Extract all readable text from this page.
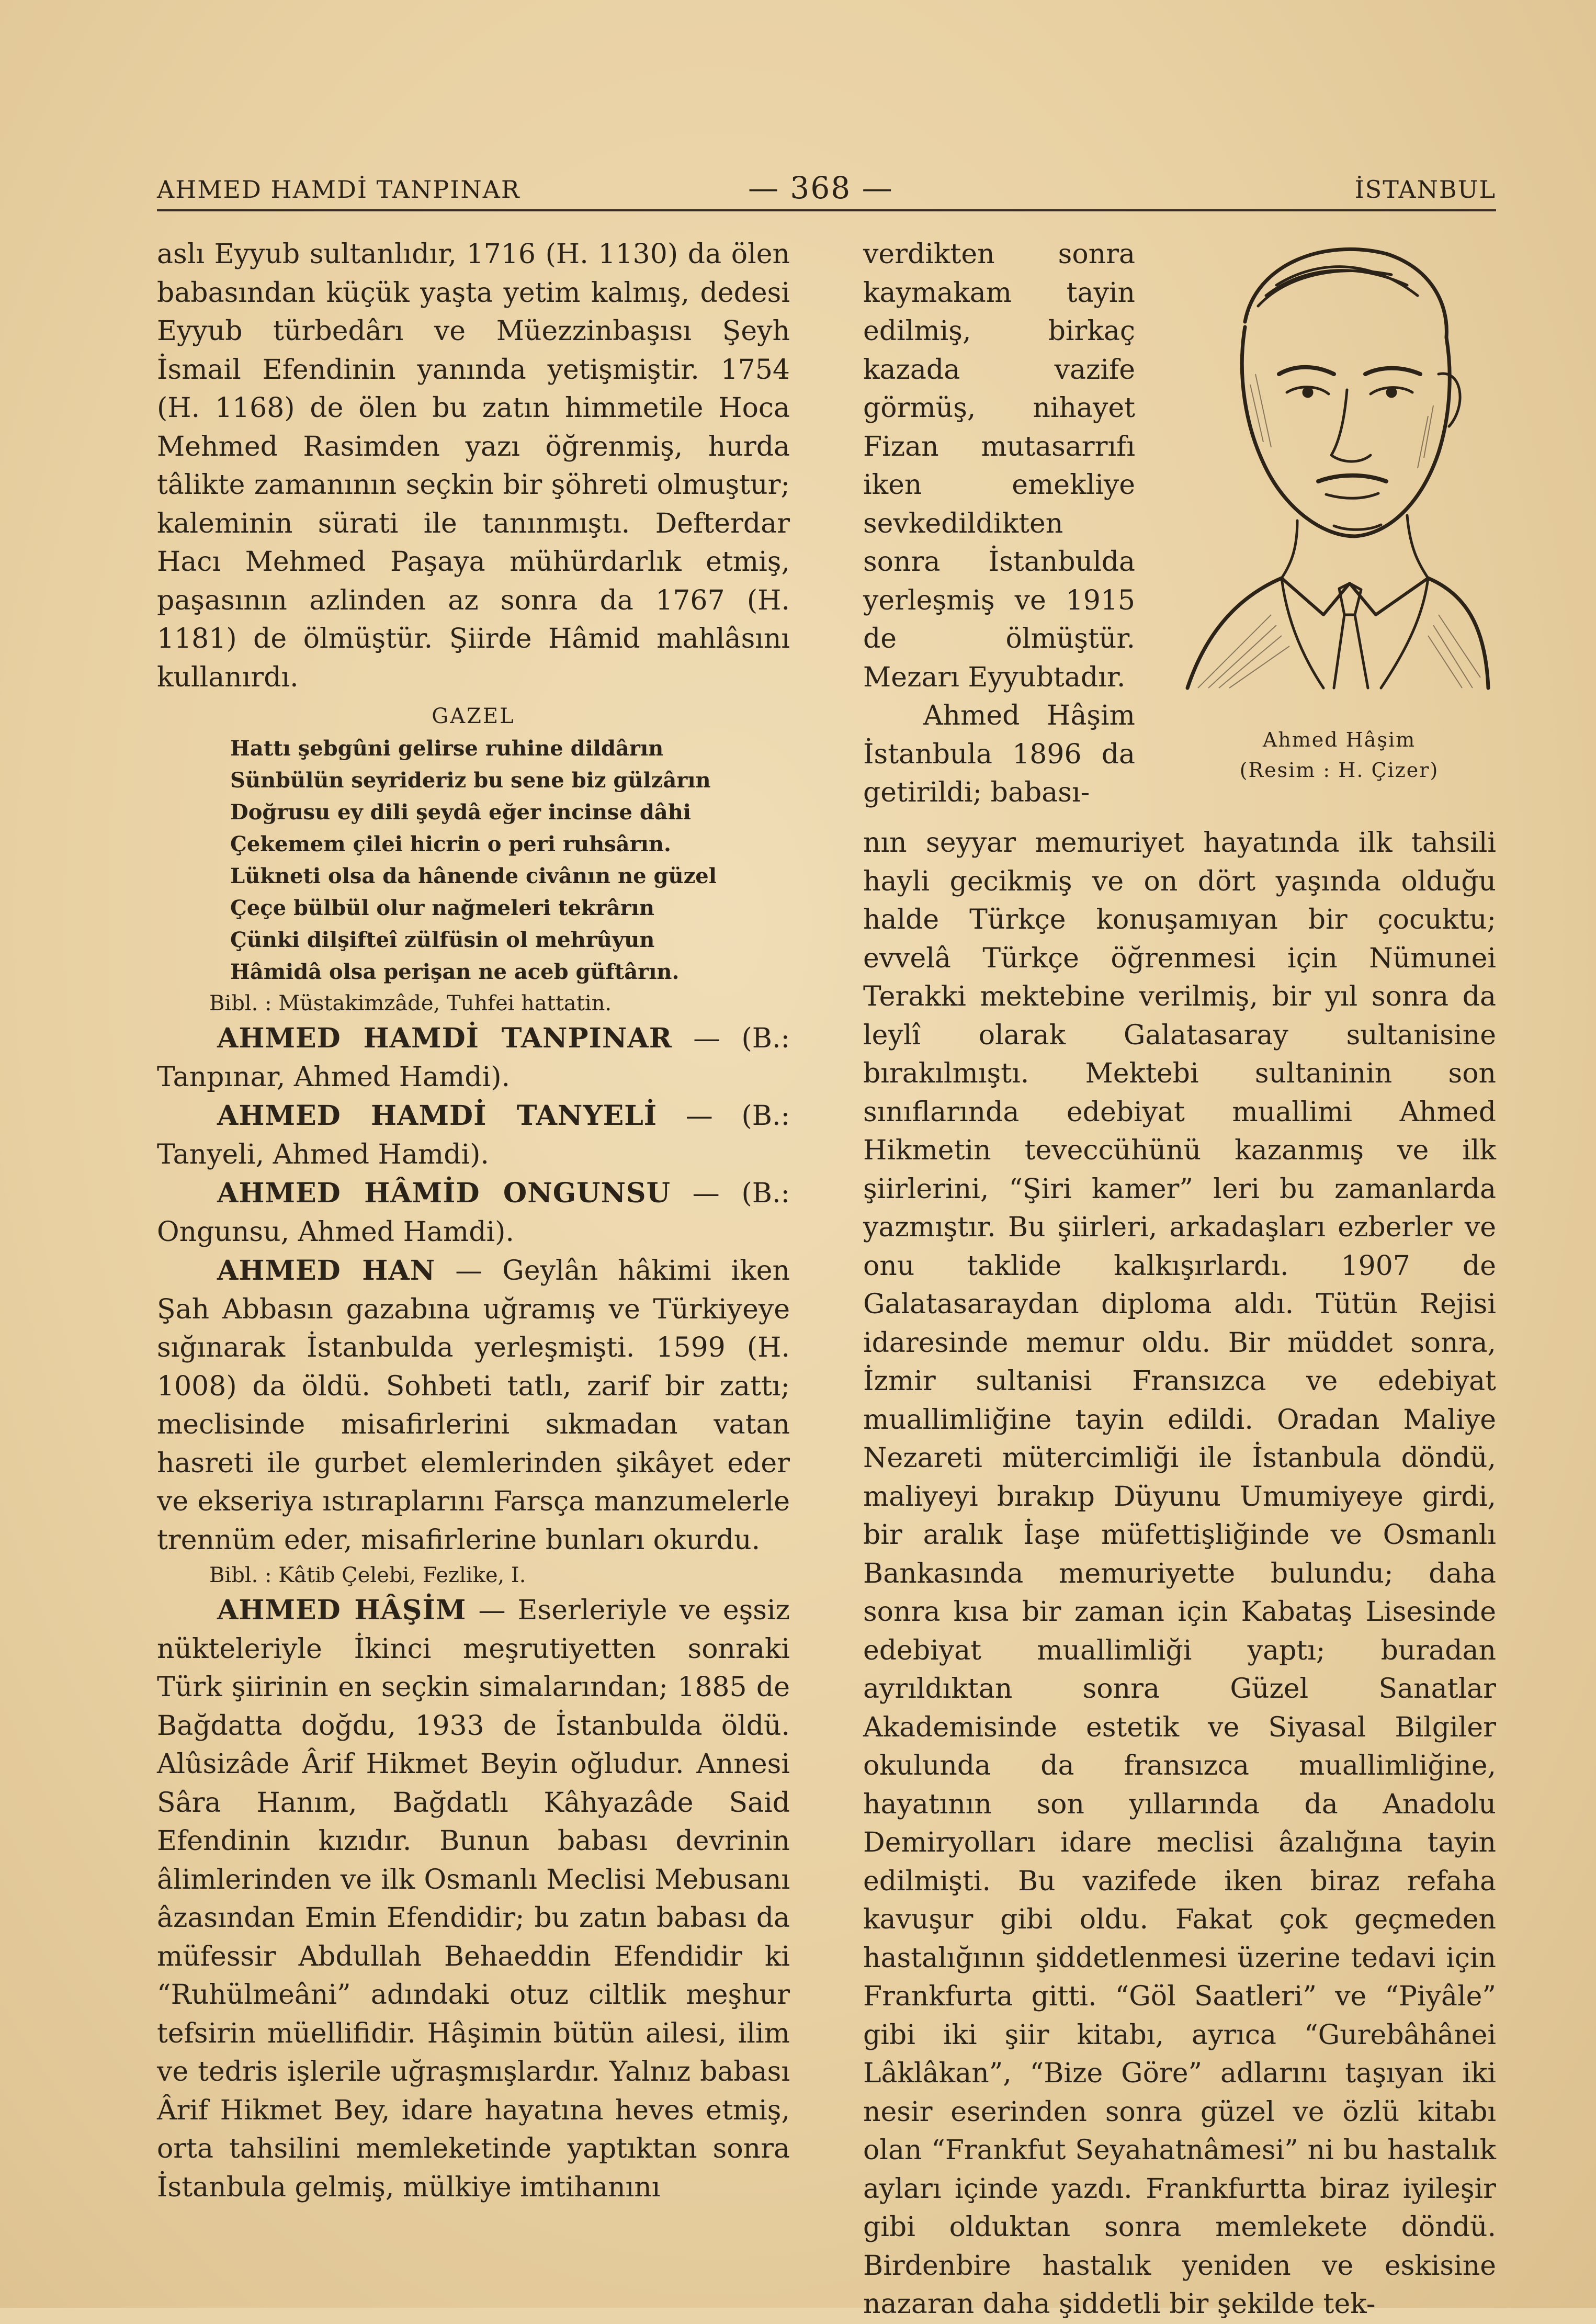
AHMED HAMDİ TANPINAR	— 368 —	İSTANBUL

aslı Eyyub sultanlıdır, 1716 (H. 1130) da ölen babasından küçük yaşta yetim kalmış, dedesi Eyyub türbedârı ve Müezzinbaşısı Şeyh İsmail Efendinin yanında yetişmiştir. 1754 (H. 1168) de ölen bu zatın himmetile Hoca Mehmed Rasimden yazı öğrenmiş, hurda tâlikte zamanının seçkin bir şöhreti olmuştur; kaleminin sürati ile tanınmıştı. Defterdar Hacı Mehmed Paşaya mühürdarlık etmiş, paşasının azlinden az sonra da 1767 (H. 1181) de ölmüştür. Şiirde Hâmid mahlâsını kullanırdı.

GAZEL
Hattı şebgûni gelirse ruhine dildârın
Sünbülün seyrideriz bu sene biz gülzârın
Doğrusu ey dili şeydâ eğer incinse dâhi
Çekemem çilei hicrin o peri ruhsârın.
Lükneti olsa da hânende civânın ne güzel
Çeçe bülbül olur nağmeleri tekrârın
Çünki dilşifteî zülfüsin ol mehrûyun
Hâmidâ olsa perişan ne aceb güftârın.
Bibl. : Müstakimzâde, Tuhfei hattatin.

AHMED HAMDİ TANPINAR — (B.: Tanpınar, Ahmed Hamdi).

AHMED HAMDİ TANYELİ — (B.: Tanyeli, Ahmed Hamdi).

AHMED HÂMİD ONGUNSU — (B.: Ongunsu, Ahmed Hamdi).

AHMED HAN — Geylân hâkimi iken Şah Abbasın gazabına uğramış ve Türkiyeye sığınarak İstanbulda yerleşmişti. 1599 (H. 1008) da öldü. Sohbeti tatlı, zarif bir zattı; meclisinde misafirlerini sıkmadan vatan hasreti ile gurbet elemlerinden şikâyet eder ve ekseriya ıstıraplarını Farsça manzumelerle trennüm eder, misafirlerine bunları okurdu.

Bibl. : Kâtib Çelebi, Fezlike, I.

AHMED HÂŞİM — Eserleriyle ve eşsiz nükteleriyle İkinci meşrutiyetten sonraki Türk şiirinin en seçkin simalarından; 1885 de Bağdatta doğdu, 1933 de İstanbulda öldü. Alûsizâde Ârif Hikmet Beyin oğludur. Annesi Sâra Hanım, Bağdatlı Kâhyazâde Said Efendinin kızıdır. Bunun babası devrinin âlimlerinden ve ilk Osmanlı Meclisi Mebusanı âzasından Emin Efendidir; bu zatın babası da müfessir Abdullah Behaeddin Efendidir ki “Ruhülmeâni” adındaki otuz ciltlik meşhur tefsirin müellifidir. Hâşimin bütün ailesi, ilim ve tedris işlerile uğraşmışlardır. Yalnız babası Ârif Hikmet Bey, idare hayatına heves etmiş, orta tahsilini memleketinde yaptıktan sonra İstanbula gelmiş, mülkiye imtihanını

verdikten sonra kaymakam tayin edilmiş, birkaç kazada vazife görmüş, nihayet Fizan mutasarrıfı iken emekliye sevkedildikten sonra İstanbulda yerleşmiş ve 1915 de ölmüştür. Mezarı Eyyubtadır.

Ahmed Hâşim İstanbula 1896 da getirildi; babası-

Ahmed Hâşim
(Resim : H. Çizer)

nın seyyar memuriyet hayatında ilk tahsili hayli gecikmiş ve on dört yaşında olduğu halde Türkçe konuşamıyan bir çocuktu; evvelâ Türkçe öğrenmesi için Nümunei Terakki mektebine verilmiş, bir yıl sonra da leylî olarak Galatasaray sultanisine bırakılmıştı. Mektebi sultaninin son sınıflarında edebiyat muallimi Ahmed Hikmetin teveccühünü kazanmış ve ilk şiirlerini, “Şiri kamer” leri bu zamanlarda yazmıştır. Bu şiirleri, arkadaşları ezberler ve onu taklide kalkışırlardı. 1907 de Galatasaraydan diploma aldı. Tütün Rejisi idaresinde memur oldu. Bir müddet sonra, İzmir sultanisi Fransızca ve edebiyat muallimliğine tayin edildi. Oradan Maliye Nezareti mütercimliği ile İstanbula döndü, maliyeyi bırakıp Düyunu Umumiyeye girdi, bir aralık İaşe müfettişliğinde ve Osmanlı Bankasında memuriyette bulundu; daha sonra kısa bir zaman için Kabataş Lisesinde edebiyat muallimliği yaptı; buradan ayrıldıktan sonra Güzel Sanatlar Akademisinde estetik ve Siyasal Bilgiler okulunda da fransızca muallimliğine, hayatının son yıllarında da Anadolu Demiryolları idare meclisi âzalığına tayin edilmişti. Bu vazifede iken biraz refaha kavuşur gibi oldu. Fakat çok geçmeden hastalığının şiddetlenmesi üzerine tedavi için Frankfurta gitti. “Göl Saatleri” ve “Piyâle” gibi iki şiir kitabı, ayrıca “Gurebâhânei Lâklâkan”, “Bize Göre” adlarını taşıyan iki nesir eserinden sonra güzel ve özlü kitabı olan “Frankfut Seyahatnâmesi” ni bu hastalık ayları içinde yazdı. Frankfurtta biraz iyileşir gibi olduktan sonra memlekete döndü. Birdenbire hastalık yeniden ve eskisine nazaran daha şiddetli bir şekilde tek-
